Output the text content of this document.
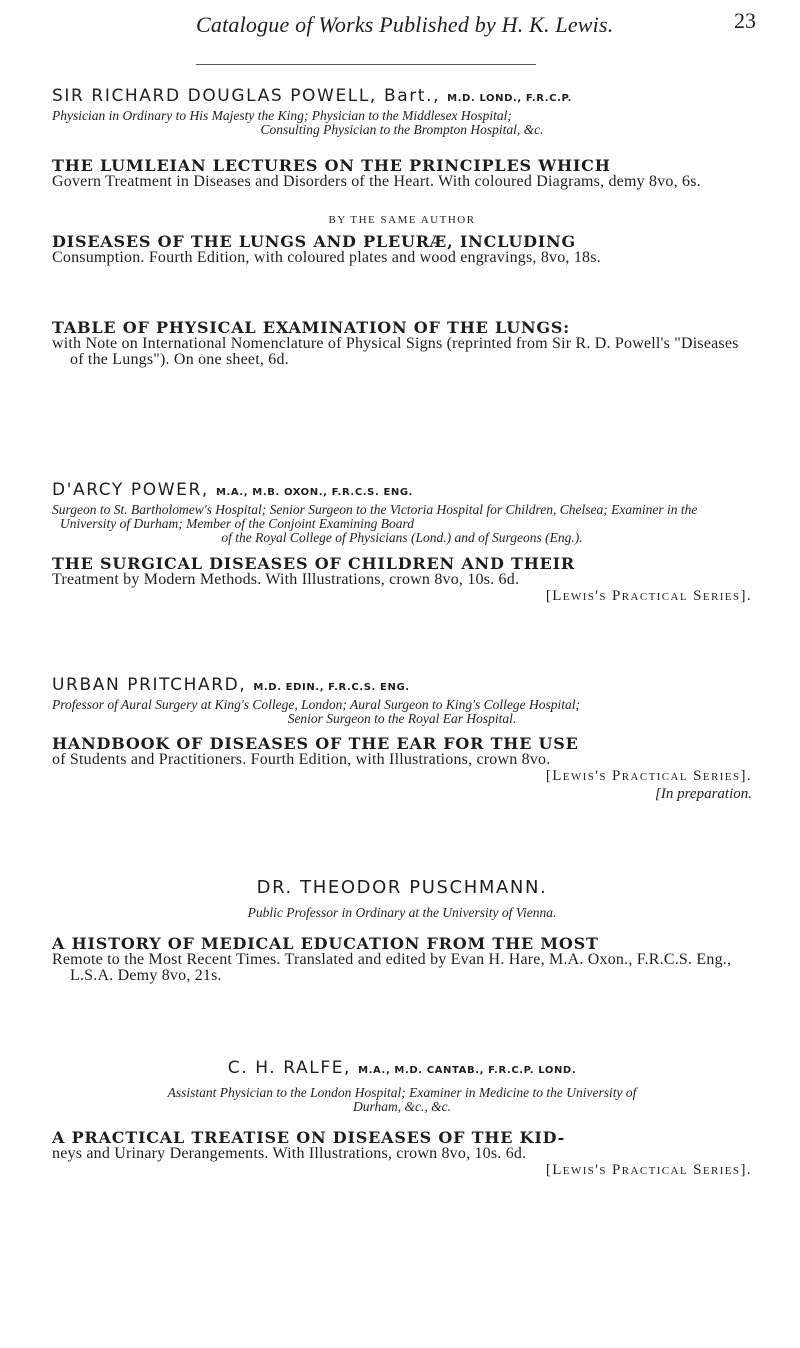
Catalogue of Works Published by H. K. Lewis.	23
SIR RICHARD DOUGLAS POWELL, Bart., M.D. LOND., F.R.C.P.
Physician in Ordinary to His Majesty the King; Physician to the Middlesex Hospital;
Consulting Physician to the Brompton Hospital, &c.
THE LUMLEIAN LECTURES ON THE PRINCIPLES WHICH
Govern Treatment in Diseases and Disorders of the Heart. With coloured Diagrams, demy 8vo, 6s.
BY THE SAME AUTHOR
DISEASES OF THE LUNGS AND PLEURÆ, INCLUDING
Consumption. Fourth Edition, with coloured plates and wood engravings, 8vo, 18s.
TABLE OF PHYSICAL EXAMINATION OF THE LUNGS:
with Note on International Nomenclature of Physical Signs (reprinted from Sir R. D. Powell's "Diseases of the Lungs"). On one sheet, 6d.
D'ARCY POWER, M.A., M.B. OXON., F.R.C.S. ENG.
Surgeon to St. Bartholomew's Hospital; Senior Surgeon to the Victoria Hospital for Children, Chelsea; Examiner in the University of Durham; Member of the Conjoint Examining Board
of the Royal College of Physicians (Lond.) and of Surgeons (Eng.).
THE SURGICAL DISEASES OF CHILDREN AND THEIR
Treatment by Modern Methods. With Illustrations, crown 8vo, 10s. 6d.
[Lewis's Practical Series].
URBAN PRITCHARD, M.D. EDIN., F.R.C.S. ENG.
Professor of Aural Surgery at King's College, London; Aural Surgeon to King's College Hospital;
Senior Surgeon to the Royal Ear Hospital.
HANDBOOK OF DISEASES OF THE EAR FOR THE USE
of Students and Practitioners. Fourth Edition, with Illustrations, crown 8vo.
[Lewis's Practical Series].
[In preparation.
DR. THEODOR PUSCHMANN.
Public Professor in Ordinary at the University of Vienna.
A HISTORY OF MEDICAL EDUCATION FROM THE MOST
Remote to the Most Recent Times. Translated and edited by Evan H. Hare, M.A. Oxon., F.R.C.S. Eng., L.S.A. Demy 8vo, 21s.
C. H. RALFE, M.A., M.D. CANTAB., F.R.C.P. LOND.
Assistant Physician to the London Hospital; Examiner in Medicine to the University of
Durham, &c., &c.
A PRACTICAL TREATISE ON DISEASES OF THE KID-
neys and Urinary Derangements. With Illustrations, crown 8vo, 10s. 6d.
[Lewis's Practical Series].
